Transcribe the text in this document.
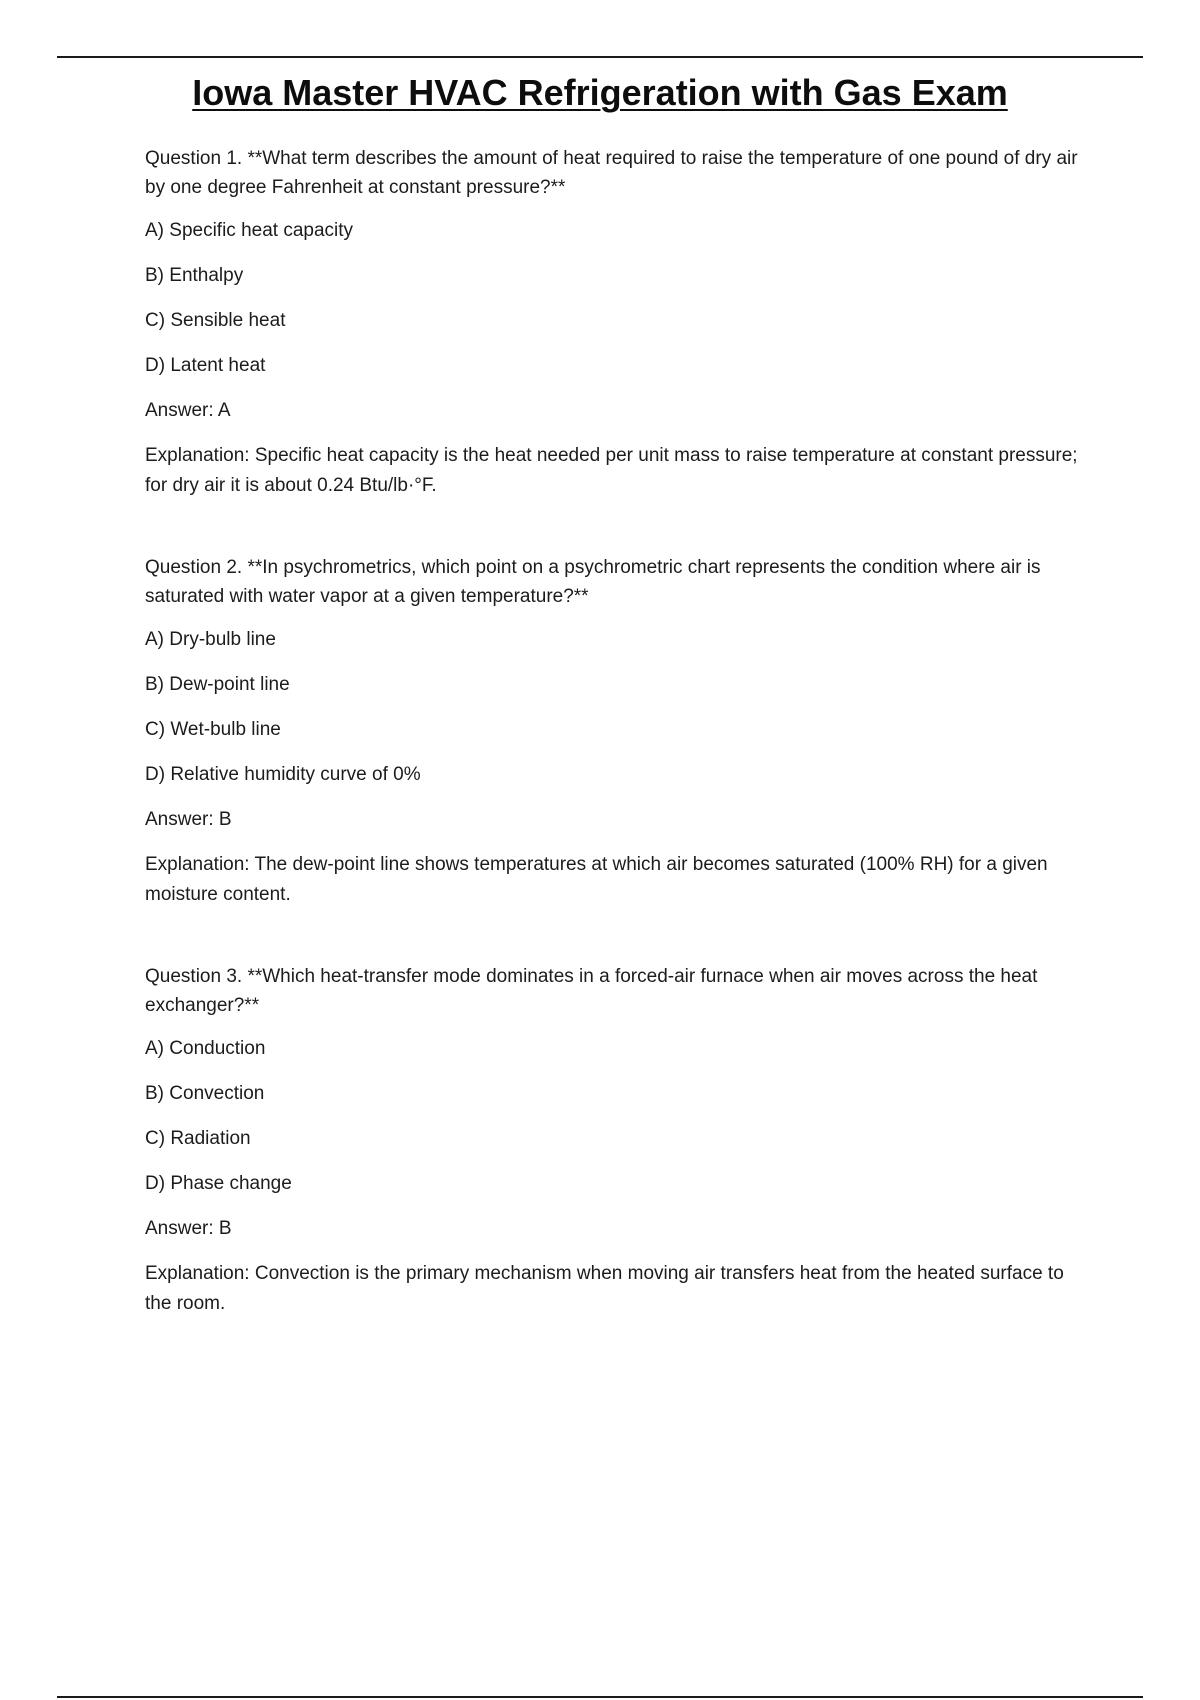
Iowa Master HVAC Refrigeration with Gas Exam

Question 1. **What term describes the amount of heat required to raise the temperature of one pound of dry air by one degree Fahrenheit at constant pressure?**

A) Specific heat capacity

B) Enthalpy

C) Sensible heat

D) Latent heat

Answer: A

Explanation: Specific heat capacity is the heat needed per unit mass to raise temperature at constant pressure; for dry air it is about 0.24 Btu/lb·°F.

Question 2. **In psychrometrics, which point on a psychrometric chart represents the condition where air is saturated with water vapor at a given temperature?**

A) Dry-bulb line

B) Dew-point line

C) Wet-bulb line

D) Relative humidity curve of 0%

Answer: B

Explanation: The dew-point line shows temperatures at which air becomes saturated (100% RH) for a given moisture content.

Question 3. **Which heat-transfer mode dominates in a forced-air furnace when air moves across the heat exchanger?**

A) Conduction

B) Convection

C) Radiation

D) Phase change

Answer: B

Explanation: Convection is the primary mechanism when moving air transfers heat from the heated surface to the room.
